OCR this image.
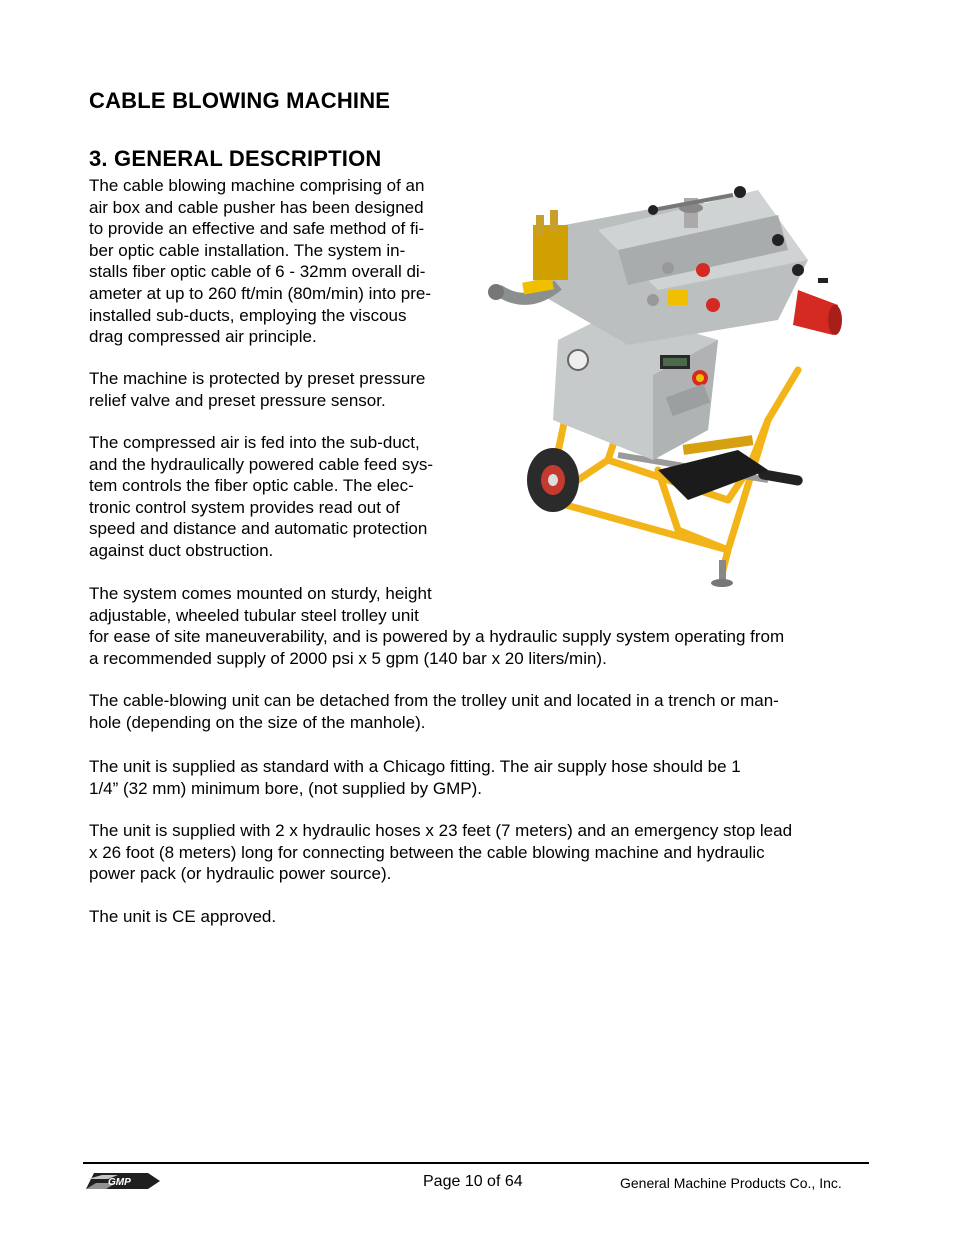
CABLE BLOWING MACHINE
3. GENERAL DESCRIPTION
The cable blowing machine comprising of an
air box and cable pusher has been designed
to provide an effective and safe method of fi-
ber optic cable installation. The system in-
stalls fiber optic cable of 6 - 32mm overall di-
ameter at up to 260 ft/min (80m/min) into pre-
installed sub-ducts, employing the viscous
drag compressed air principle.
The machine is protected by preset pressure
relief valve and preset pressure sensor.
The compressed air is fed into the sub-duct,
and the hydraulically powered cable feed sys-
tem controls the fiber optic cable. The elec-
tronic control system provides read out of
speed and distance and automatic protection
against duct obstruction.
The system comes mounted on sturdy, height
adjustable, wheeled tubular steel trolley unit
for ease of site maneuverability, and is powered by a hydraulic supply system operating from
a recommended supply of 2000 psi x 5 gpm (140 bar x 20 liters/min).
The cable-blowing unit can be detached from the trolley unit and located in a trench or man-
hole (depending on the size of the manhole).
The unit is supplied as standard with a Chicago fitting. The air supply hose should be 1
1/4” (32 mm) minimum bore, (not supplied by GMP).
The unit is supplied with 2 x hydraulic hoses x 23 feet (7 meters) and an emergency stop lead
x 26 foot (8 meters) long for connecting between the cable blowing machine and hydraulic
power pack (or hydraulic power source).
The unit is CE approved.
GMP	Page 10 of 64	General Machine Products Co., Inc.
